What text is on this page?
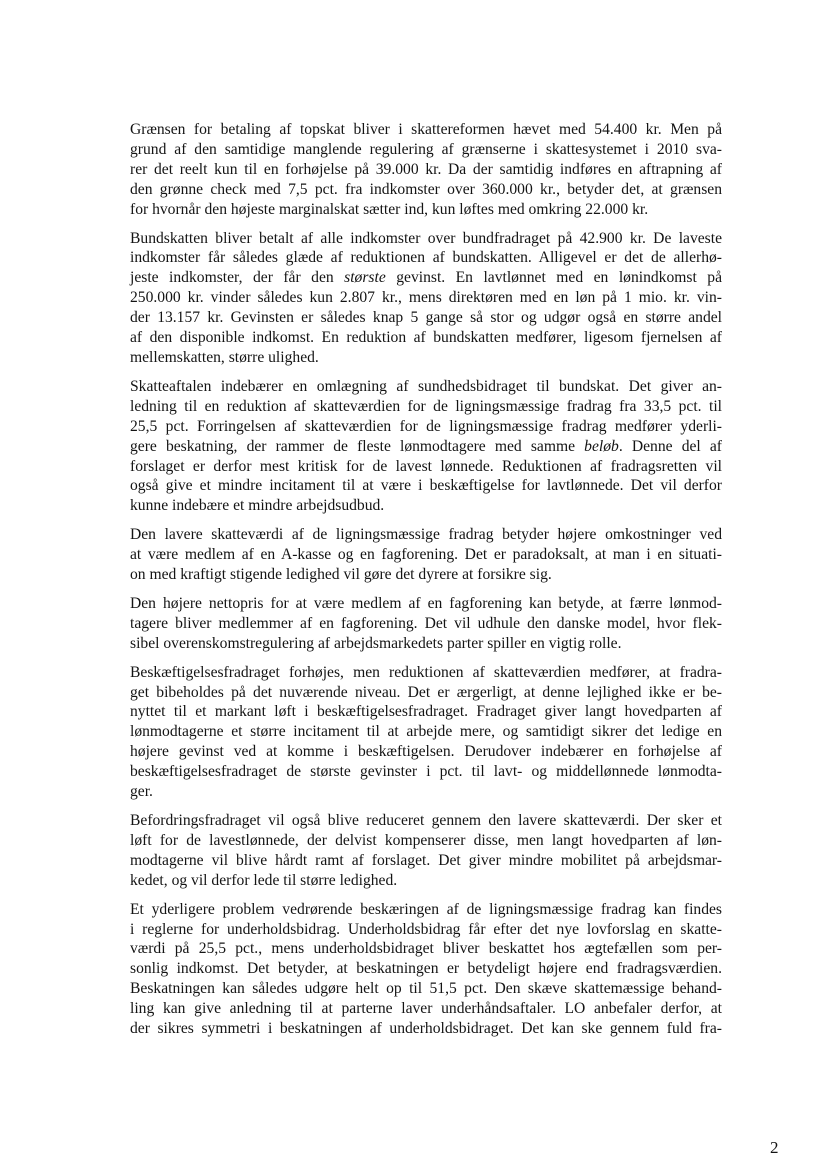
Grænsen for betaling af topskat bliver i skattereformen hævet med 54.400 kr. Men på
grund af den samtidige manglende regulering af grænserne i skattesystemet i 2010 sva-
rer det reelt kun til en forhøjelse på 39.000 kr. Da der samtidig indføres en aftrapning af
den grønne check med 7,5 pct. fra indkomster over 360.000 kr., betyder det, at grænsen
for hvornår den højeste marginalskat sætter ind, kun løftes med omkring 22.000 kr.

Bundskatten bliver betalt af alle indkomster over bundfradraget på 42.900 kr. De laveste
indkomster får således glæde af reduktionen af bundskatten. Alligevel er det de allerhø-
jeste indkomster, der får den største gevinst. En lavtlønnet med en lønindkomst på
250.000 kr. vinder således kun 2.807 kr., mens direktøren med en løn på 1 mio. kr. vin-
der 13.157 kr. Gevinsten er således knap 5 gange så stor og udgør også en større andel
af den disponible indkomst. En reduktion af bundskatten medfører, ligesom fjernelsen af
mellemskatten, større ulighed.

Skatteaftalen indebærer en omlægning af sundhedsbidraget til bundskat. Det giver an-
ledning til en reduktion af skatteværdien for de ligningsmæssige fradrag fra 33,5 pct. til
25,5 pct. Forringelsen af skatteværdien for de ligningsmæssige fradrag medfører yderli-
gere beskatning, der rammer de fleste lønmodtagere med samme beløb. Denne del af
forslaget er derfor mest kritisk for de lavest lønnede. Reduktionen af fradragsretten vil
også give et mindre incitament til at være i beskæftigelse for lavtlønnede. Det vil derfor
kunne indebære et mindre arbejdsudbud.

Den lavere skatteværdi af de ligningsmæssige fradrag betyder højere omkostninger ved
at være medlem af en A-kasse og en fagforening. Det er paradoksalt, at man i en situati-
on med kraftigt stigende ledighed vil gøre det dyrere at forsikre sig.

Den højere nettopris for at være medlem af en fagforening kan betyde, at færre lønmod-
tagere bliver medlemmer af en fagforening. Det vil udhule den danske model, hvor flek-
sibel overenskomstregulering af arbejdsmarkedets parter spiller en vigtig rolle.

Beskæftigelsesfradraget forhøjes, men reduktionen af skatteværdien medfører, at fradra-
get bibeholdes på det nuværende niveau. Det er ærgerligt, at denne lejlighed ikke er be-
nyttet til et markant løft i beskæftigelsesfradraget. Fradraget giver langt hovedparten af
lønmodtagerne et større incitament til at arbejde mere, og samtidigt sikrer det ledige en
højere gevinst ved at komme i beskæftigelsen. Derudover indebærer en forhøjelse af
beskæftigelsesfradraget de største gevinster i pct. til lavt- og middellønnede lønmodta-
ger.

Befordringsfradraget vil også blive reduceret gennem den lavere skatteværdi. Der sker et
løft for de lavestlønnede, der delvist kompenserer disse, men langt hovedparten af løn-
modtagerne vil blive hårdt ramt af forslaget. Det giver mindre mobilitet på arbejdsmar-
kedet, og vil derfor lede til større ledighed.

Et yderligere problem vedrørende beskæringen af de ligningsmæssige fradrag kan findes
i reglerne for underholdsbidrag. Underholdsbidrag får efter det nye lovforslag en skatte-
værdi på 25,5 pct., mens underholdsbidraget bliver beskattet hos ægtefællen som per-
sonlig indkomst. Det betyder, at beskatningen er betydeligt højere end fradragsværdien.
Beskatningen kan således udgøre helt op til 51,5 pct. Den skæve skattemæssige behand-
ling kan give anledning til at parterne laver underhåndsaftaler. LO anbefaler derfor, at
der sikres symmetri i beskatningen af underholdsbidraget. Det kan ske gennem fuld fra-

2
